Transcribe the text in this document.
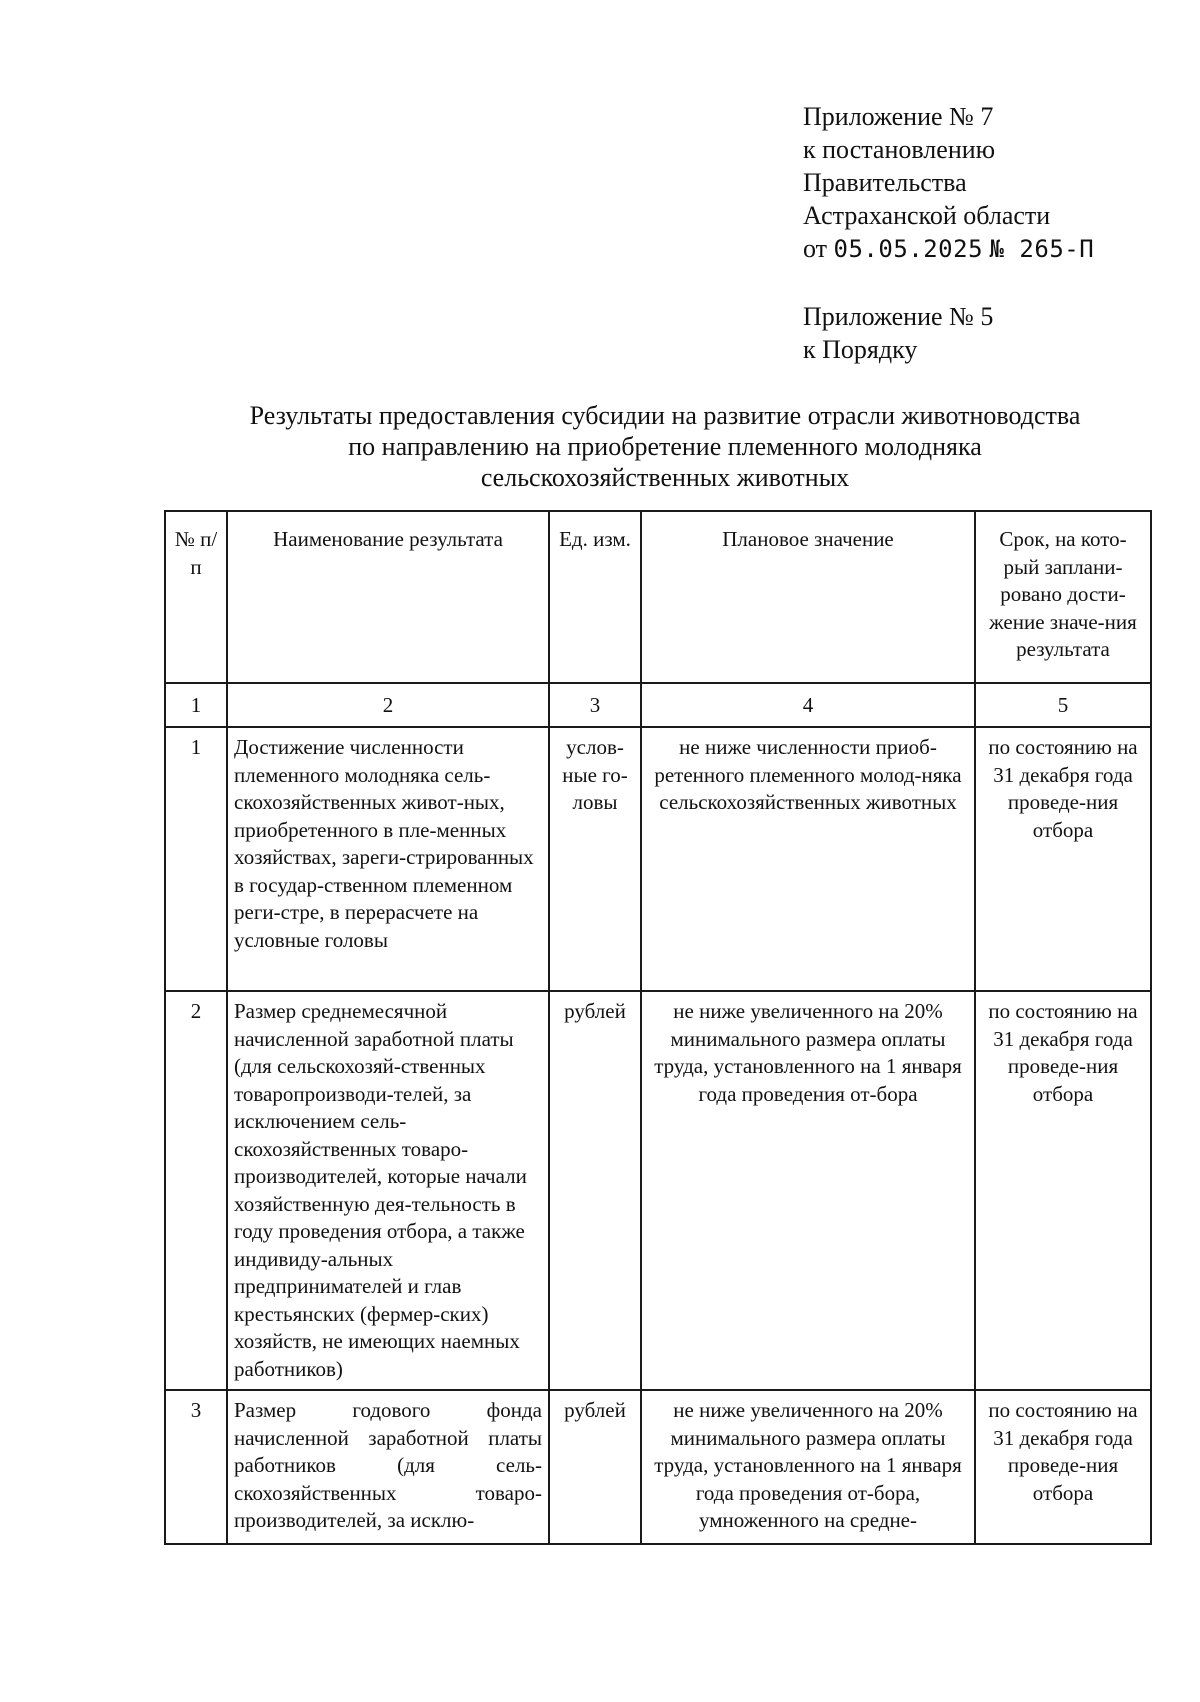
Приложение № 7
к постановлению
Правительства
Астраханской области
от 05.05.2025 № 265-П
Приложение № 5
к Порядку
Результаты предоставления субсидии на развитие отрасли животноводства
по направлению на приобретение племенного молодняка
сельскохозяйственных животных
№ п/п	Наименование результата	Ед. изм.	Плановое значение	Срок, на кото-рый заплани-ровано дости-жение значе-ния результата
1	2	3	4	5
1	Достижение численности племенного молодняка сель-скохозяйственных живот-ных, приобретенного в пле-менных хозяйствах, зареги-стрированных в государ-ственном племенном реги-стре, в перерасчете на условные головы	услов-ные го-ловы	не ниже численности приоб-ретенного племенного молод-няка сельскохозяйственных животных	по состоянию на 31 декабря года проведе-ния отбора
2	Размер среднемесячной начисленной заработной платы (для сельскохозяй-ственных товаропроизводи-телей, за исключением сель-скохозяйственных товаро-производителей, которые начали хозяйственную дея-тельность в году проведения отбора, а также индивиду-альных предпринимателей и глав крестьянских (фермер-ских) хозяйств, не имеющих наемных работников)	рублей	не ниже увеличенного на 20% минимального размера оплаты труда, установленного на 1 января года проведения от-бора	по состоянию на 31 декабря года проведе-ния отбора
3	Размер годового фонда начисленной заработной платы работников (для сель-скохозяйственных товаро-производителей, за исклю-	рублей	не ниже увеличенного на 20% минимального размера оплаты труда, установленного на 1 января года проведения от-бора, умноженного на средне-	по состоянию на 31 декабря года проведе-ния отбора
